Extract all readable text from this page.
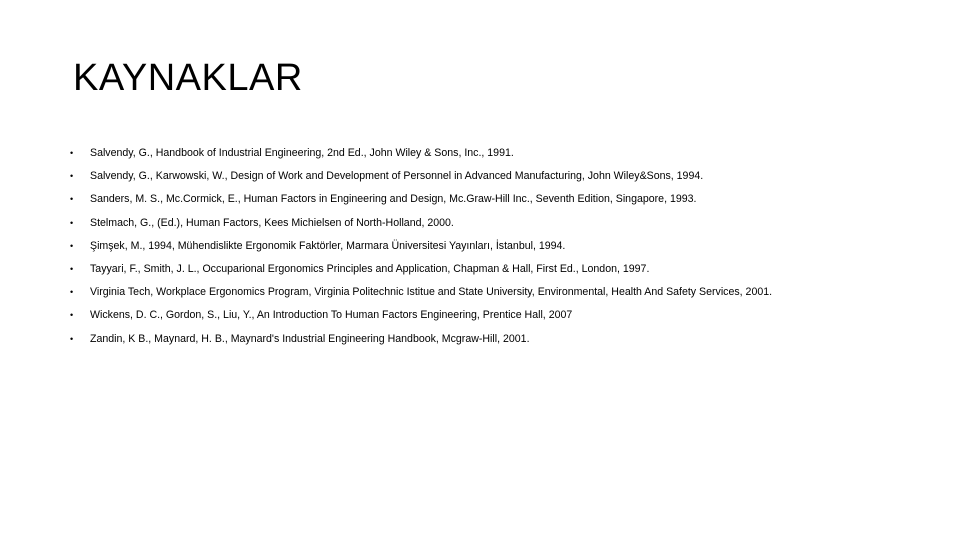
KAYNAKLAR
•	Salvendy, G., Handbook of Industrial Engineering, 2nd Ed., John Wiley & Sons, Inc., 1991.
•	Salvendy, G., Karwowski, W., Design of Work and Development of Personnel in Advanced Manufacturing, John Wiley&Sons, 1994.
•	Sanders, M. S., Mc.Cormick, E., Human Factors in Engineering and Design, Mc.Graw-Hill Inc., Seventh Edition, Singapore, 1993.
•	Stelmach, G., (Ed.), Human Factors, Kees Michielsen of North-Holland, 2000.
•	Şimşek, M., 1994, Mühendislikte Ergonomik Faktörler, Marmara Üniversitesi Yayınları, İstanbul, 1994.
•	Tayyari, F., Smith, J. L., Occuparional Ergonomics Principles and Application, Chapman & Hall, First Ed., London, 1997.
•	Virginia Tech, Workplace Ergonomics Program, Virginia Politechnic Istitue and State University, Environmental, Health And Safety Services, 2001.
•	Wickens, D. C., Gordon, S., Liu, Y., An Introduction To Human Factors Engineering, Prentice Hall, 2007
•	Zandin, K B., Maynard, H. B., Maynard's Industrial Engineering Handbook, Mcgraw-Hill, 2001.
